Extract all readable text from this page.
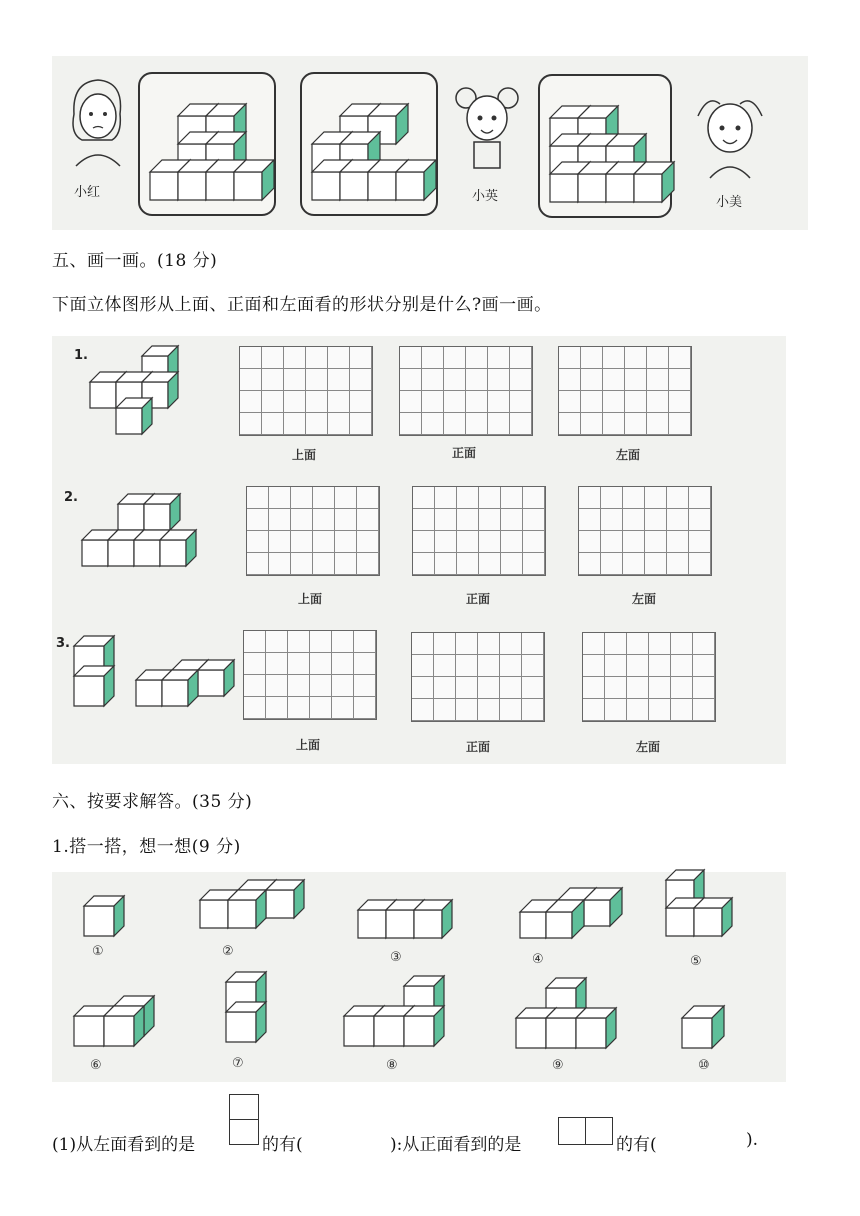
小红	小英	小美
五、画一画。(18 分)
下面立体图形从上面、正面和左面看的形状分别是什么?画一画。
1.
上面	正面	左面
2.
上面	正面	左面
3.
上面	正面	左面
六、按要求解答。(35 分)
1.搭一搭，想一想(9 分)
①	②	③	④	⑤
⑥	⑦	⑧	⑨	⑩
(1)从左面看到的是	的有(	):从正面看到的是	的有(	).
